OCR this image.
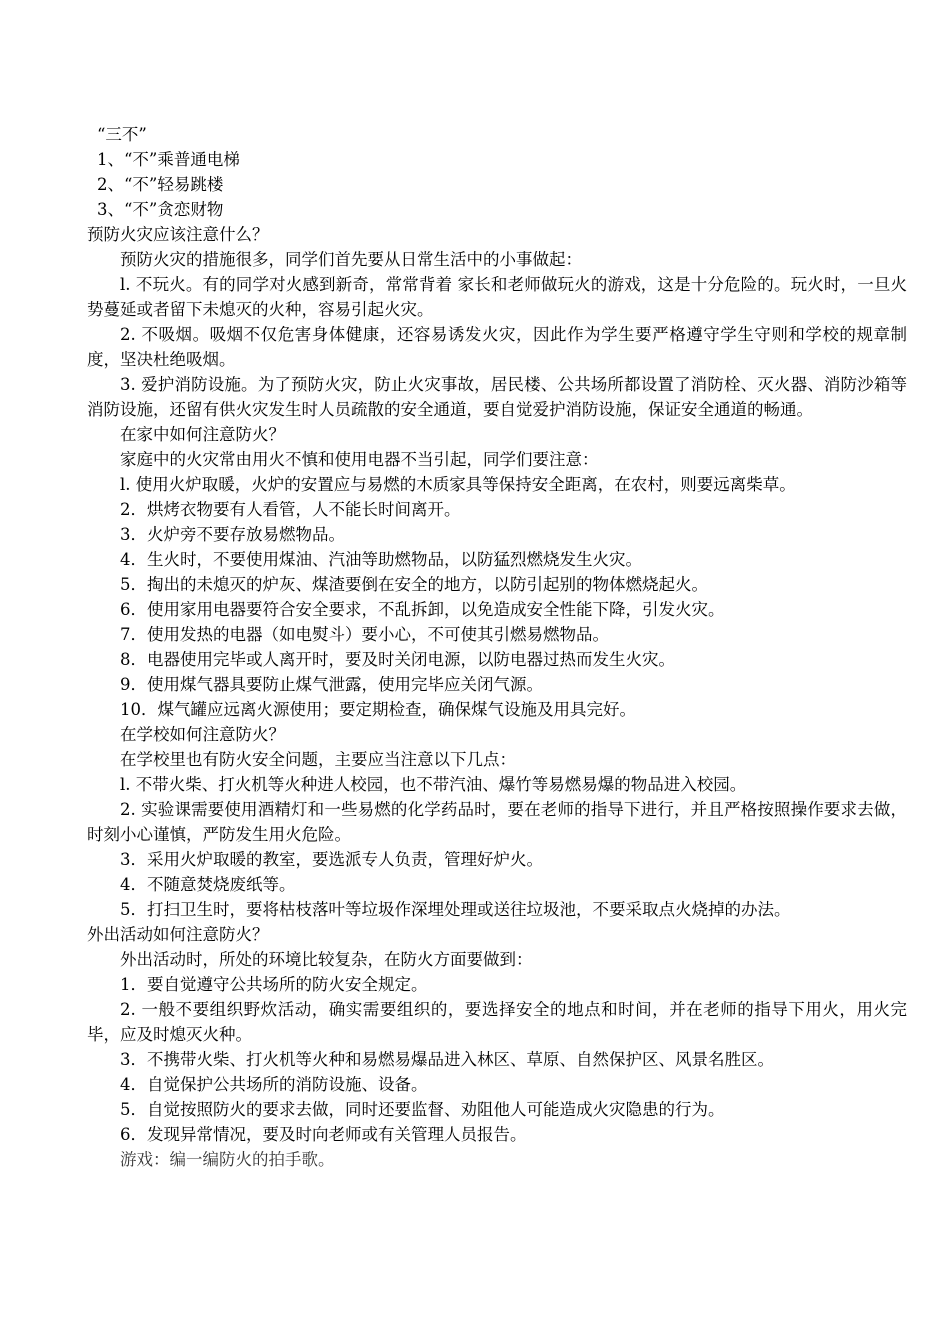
“三不”
1、“不”乘普通电梯
2、“不”轻易跳楼
3、“不”贪恋财物
预防火灾应该注意什么？
预防火灾的措施很多，同学们首先要从日常生活中的小事做起：
l. 不玩火。有的同学对火感到新奇，常常背着 家长和老师做玩火的游戏，这是十分危险的。玩火时，一旦火势蔓延或者留下未熄灭的火种，容易引起火灾。
2. 不吸烟。吸烟不仅危害身体健康，还容易诱发火灾，因此作为学生要严格遵守学生守则和学校的规章制度，坚决杜绝吸烟。
3. 爱护消防设施。为了预防火灾，防止火灾事故，居民楼、公共场所都设置了消防栓、灭火器、消防沙箱等消防设施，还留有供火灾发生时人员疏散的安全通道，要自觉爱护消防设施，保证安全通道的畅通。
在家中如何注意防火？
家庭中的火灾常由用火不慎和使用电器不当引起，同学们要注意：
l. 使用火炉取暖，火炉的安置应与易燃的木质家具等保持安全距离，在农村，则要远离柴草。
2．烘烤衣物要有人看管，人不能长时间离开。
3．火炉旁不要存放易燃物品。
4．生火时，不要使用煤油、汽油等助燃物品，以防猛烈燃烧发生火灾。
5．掏出的未熄灭的炉灰、煤渣要倒在安全的地方，以防引起别的物体燃烧起火。
6．使用家用电器要符合安全要求，不乱拆卸，以免造成安全性能下降，引发火灾。
7．使用发热的电器（如电熨斗）要小心，不可使其引燃易燃物品。
8．电器使用完毕或人离开时，要及时关闭电源，以防电器过热而发生火灾。
9．使用煤气器具要防止煤气泄露，使用完毕应关闭气源。
10．煤气罐应远离火源使用；要定期检查，确保煤气设施及用具完好。
在学校如何注意防火？
在学校里也有防火安全问题，主要应当注意以下几点：
l. 不带火柴、打火机等火种进人校园，也不带汽油、爆竹等易燃易爆的物品进入校园。
2. 实验课需要使用酒精灯和一些易燃的化学药品时，要在老师的指导下进行，并且严格按照操作要求去做，时刻小心谨慎，严防发生用火危险。
3．采用火炉取暖的教室，要选派专人负责，管理好炉火。
4．不随意焚烧废纸等。
5．打扫卫生时，要将枯枝落叶等垃圾作深埋处理或送往垃圾池，不要采取点火烧掉的办法。
外出活动如何注意防火？
外出活动时，所处的环境比较复杂，在防火方面要做到：
1．要自觉遵守公共场所的防火安全规定。
2. 一般不要组织野炊活动，确实需要组织的，要选择安全的地点和时间，并在老师的指导下用火，用火完毕，应及时熄灭火种。
3．不携带火柴、打火机等火种和易燃易爆品进入林区、草原、自然保护区、风景名胜区。
4．自觉保护公共场所的消防设施、设备。
5．自觉按照防火的要求去做，同时还要监督、劝阻他人可能造成火灾隐患的行为。
6．发现异常情况，要及时向老师或有关管理人员报告。
游戏：编一编防火的拍手歌。
